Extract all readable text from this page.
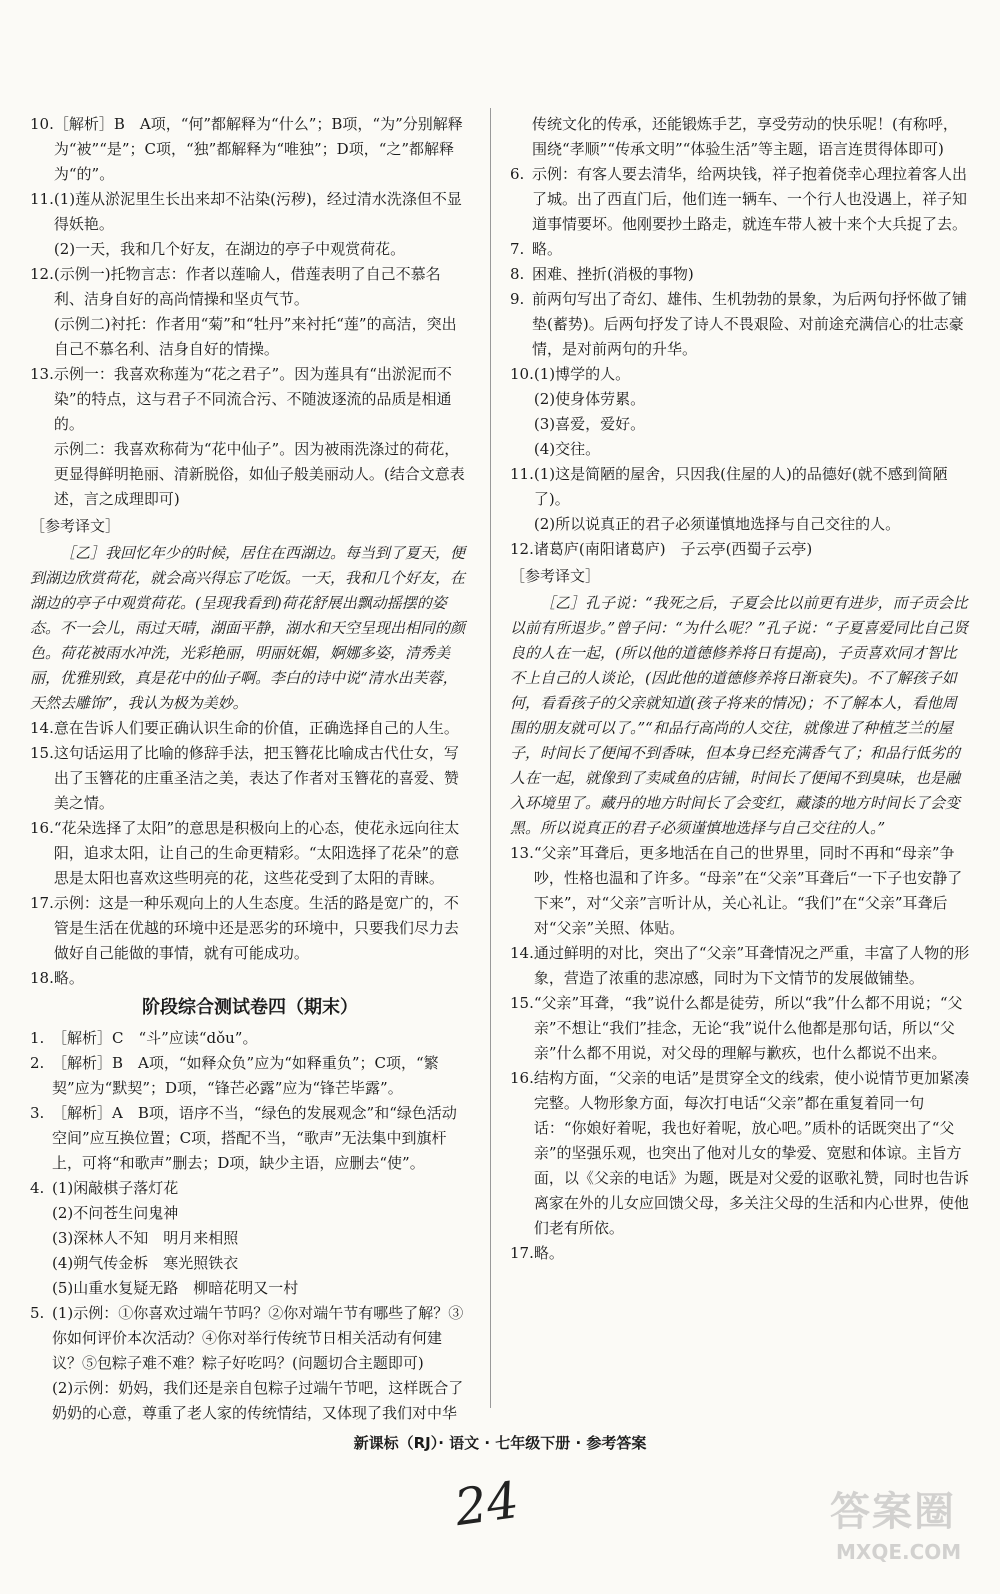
10. ［解析］B　A项，“何”都解释为“什么”；B项，“为”分别解释为“被”“是”；C项，“独”都解释为“唯独”；D项，“之”都解释为“的”。
11. (1)莲从淤泥里生长出来却不沾染(污秽)，经过清水洗涤但不显得妖艳。
(2)一天，我和几个好友，在湖边的亭子中观赏荷花。
12. (示例一)托物言志：作者以莲喻人，借莲表明了自己不慕名利、洁身自好的高尚情操和坚贞气节。
(示例二)衬托：作者用“菊”和“牡丹”来衬托“莲”的高洁，突出自己不慕名利、洁身自好的情操。
13. 示例一：我喜欢称莲为“花之君子”。因为莲具有“出淤泥而不染”的特点，这与君子不同流合污、不随波逐流的品质是相通的。
示例二：我喜欢称荷为“花中仙子”。因为被雨洗涤过的荷花，更显得鲜明艳丽、清新脱俗，如仙子般美丽动人。(结合文意表述，言之成理即可)
［参考译文］
［乙］我回忆年少的时候，居住在西湖边。每当到了夏天，便到湖边欣赏荷花，就会高兴得忘了吃饭。一天，我和几个好友，在湖边的亭子中观赏荷花。(呈现我看到)荷花舒展出飘动摇摆的姿态。不一会儿，雨过天晴，湖面平静，湖水和天空呈现出相同的颜色。荷花被雨水冲洗，光彩艳丽，明丽妩媚，婀娜多姿，清秀美丽，优雅别致，真是花中的仙子啊。李白的诗中说“清水出芙蓉，天然去雕饰”，我认为极为美妙。
14. 意在告诉人们要正确认识生命的价值，正确选择自己的人生。
15. 这句话运用了比喻的修辞手法，把玉簪花比喻成古代仕女，写出了玉簪花的庄重圣洁之美，表达了作者对玉簪花的喜爱、赞美之情。
16. “花朵选择了太阳”的意思是积极向上的心态，使花永远向往太阳，追求太阳，让自己的生命更精彩。“太阳选择了花朵”的意思是太阳也喜欢这些明亮的花，这些花受到了太阳的青睐。
17. 示例：这是一种乐观向上的人生态度。生活的路是宽广的，不管是生活在优越的环境中还是恶劣的环境中，只要我们尽力去做好自己能做的事情，就有可能成功。
18. 略。
阶段综合测试卷四（期末）
1. ［解析］C　“斗”应读“dǒu”。
2. ［解析］B　A项，“如释众负”应为“如释重负”；C项，“繁契”应为“默契”；D项，“锋芒必露”应为“锋芒毕露”。
3. ［解析］A　B项，语序不当，“绿色的发展观念”和“绿色活动空间”应互换位置；C项，搭配不当，“歌声”无法集中到旗杆上，可将“和歌声”删去；D项，缺少主语，应删去“使”。
4. (1)闲敲棋子落灯花
(2)不问苍生问鬼神
(3)深林人不知　明月来相照
(4)朔气传金柝　寒光照铁衣
(5)山重水复疑无路　柳暗花明又一村
5. (1)示例：①你喜欢过端午节吗？②你对端午节有哪些了解？③你如何评价本次活动？④你对举行传统节日相关活动有何建议？⑤包粽子难不难？粽子好吃吗？(问题切合主题即可)
(2)示例：奶妈，我们还是亲自包粽子过端午节吧，这样既合了奶奶的心意，尊重了老人家的传统情结，又体现了我们对中华
传统文化的传承，还能锻炼手艺，享受劳动的快乐呢！(有称呼，围绕“孝顺”“传承文明”“体验生活”等主题，语言连贯得体即可)
6. 示例：有客人要去清华，给两块钱，祥子抱着侥幸心理拉着客人出了城。出了西直门后，他们连一辆车、一个行人也没遇上，祥子知道事情要坏。他刚要抄土路走，就连车带人被十来个大兵捉了去。
7. 略。
8. 困难、挫折(消极的事物)
9. 前两句写出了奇幻、雄伟、生机勃勃的景象，为后两句抒怀做了铺垫(蓄势)。后两句抒发了诗人不畏艰险、对前途充满信心的壮志豪情，是对前两句的升华。
10. (1)博学的人。
(2)使身体劳累。
(3)喜爱，爱好。
(4)交往。
11. (1)这是简陋的屋舍，只因我(住屋的人)的品德好(就不感到简陋了)。
(2)所以说真正的君子必须谨慎地选择与自己交往的人。
12. 诸葛庐(南阳诸葛庐)　子云亭(西蜀子云亭)
［参考译文］
［乙］孔子说：“我死之后，子夏会比以前更有进步，而子贡会比以前有所退步。”曾子问：“为什么呢？”孔子说：“子夏喜爱同比自己贤良的人在一起，(所以他的道德修养将日有提高)，子贡喜欢同才智比不上自己的人谈论，(因此他的道德修养将日渐衰失)。不了解孩子如何，看看孩子的父亲就知道(孩子将来的情况)；不了解本人，看他周围的朋友就可以了。”“和品行高尚的人交往，就像进了种植芝兰的屋子，时间长了便闻不到香味，但本身已经充满香气了；和品行低劣的人在一起，就像到了卖咸鱼的店铺，时间长了便闻不到臭味，也是融入环境里了。藏丹的地方时间长了会变红，藏漆的地方时间长了会变黑。所以说真正的君子必须谨慎地选择与自己交往的人。”
13. “父亲”耳聋后，更多地活在自己的世界里，同时不再和“母亲”争吵，性格也温和了许多。“母亲”在“父亲”耳聋后“一下子也安静了下来”，对“父亲”言听计从，关心礼让。“我们”在“父亲”耳聋后对“父亲”关照、体贴。
14. 通过鲜明的对比，突出了“父亲”耳聋情况之严重，丰富了人物的形象，营造了浓重的悲凉感，同时为下文情节的发展做铺垫。
15. “父亲”耳聋，“我”说什么都是徒劳，所以“我”什么都不用说；“父亲”不想让“我们”挂念，无论“我”说什么他都是那句话，所以“父亲”什么都不用说，对父母的理解与歉疚，也什么都说不出来。
16. 结构方面，“父亲的电话”是贯穿全文的线索，使小说情节更加紧凑完整。人物形象方面，每次打电话“父亲”都在重复着同一句话：“你娘好着呢，我也好着呢，放心吧。”质朴的话既突出了“父亲”的坚强乐观，也突出了他对儿女的挚爱、宽慰和体谅。主旨方面，以《父亲的电话》为题，既是对父爱的讴歌礼赞，同时也告诉离家在外的儿女应回馈父母，多关注父母的生活和内心世界，使他们老有所依。
17. 略。
新课标（RJ）· 语文 · 七年级下册 · 参考答案
24	答案圈
MXQE.COM
